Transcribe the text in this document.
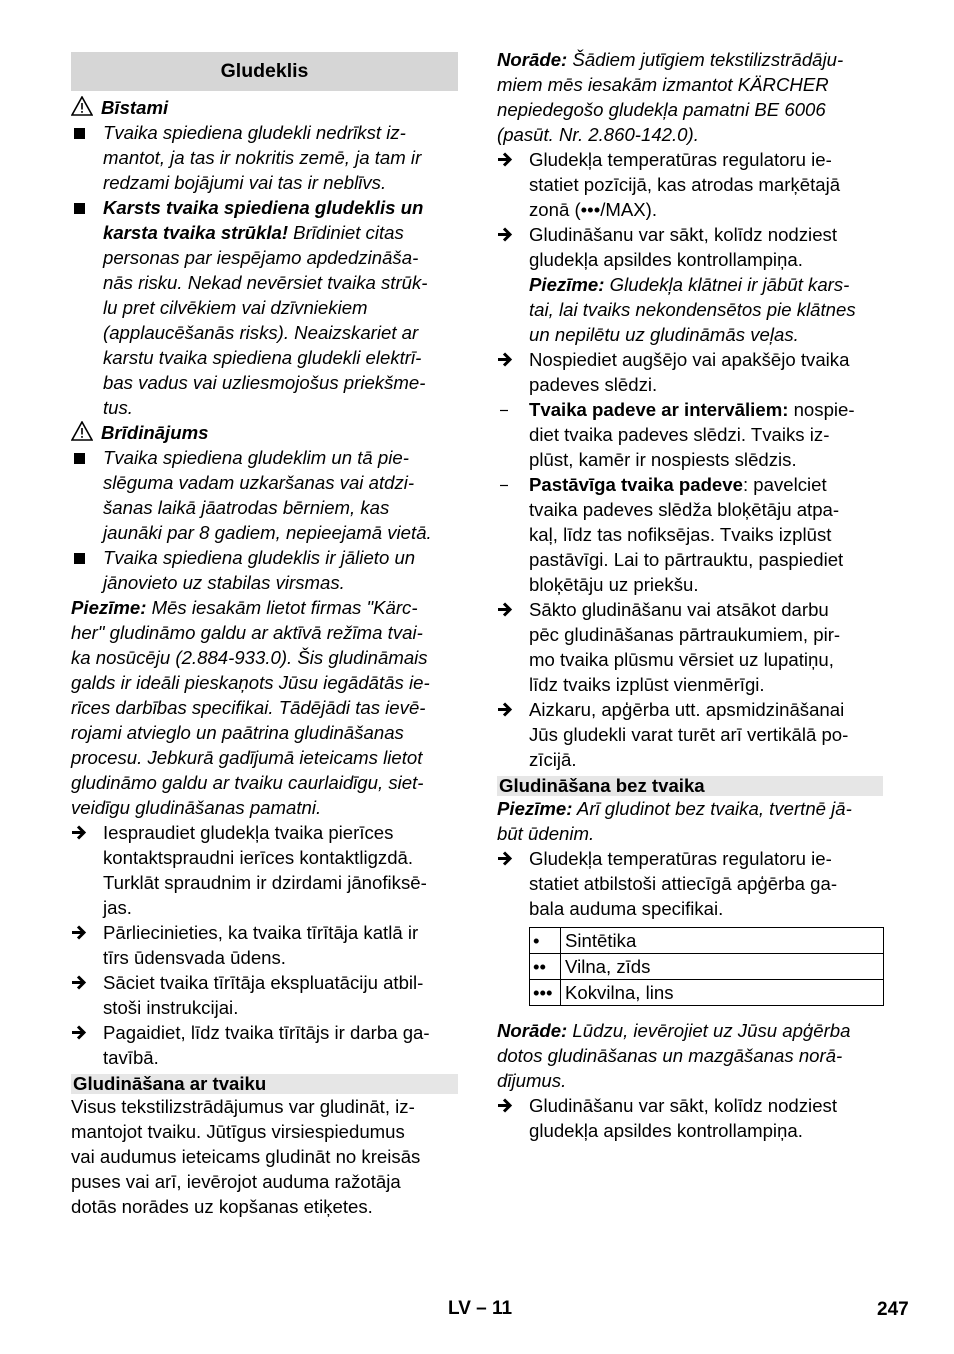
Gludeklis
Bīstami
Tvaika spiediena gludekli nedrīkst iz-
mantot, ja tas ir nokritis zemē, ja tam ir
redzami bojājumi vai tas ir neblīvs.
Karsts tvaika spiediena gludeklis un
karsta tvaika strūkla! Brīdiniet citas
personas par iespējamo apdedzināša-
nās risku. Nekad nevērsiet tvaika strūk-
lu pret cilvēkiem vai dzīvniekiem
(applaucēšanās risks). Neaizskariet ar
karstu tvaika spiediena gludekli elektrī-
bas vadus vai uzliesmojošus priekšme-
tus.
Brīdinājums
Tvaika spiediena gludeklim un tā pie-
slēguma vadam uzkaršanas vai atdzi-
šanas laikā jāatrodas bērniem, kas
jaunāki par 8 gadiem, nepieejamā vietā.
Tvaika spiediena gludeklis ir jālieto un
jānovieto uz stabilas virsmas.
Piezīme: Mēs iesakām lietot firmas "Kärc-
her" gludināmo galdu ar aktīvā režīma tvai-
ka nosūcēju (2.884-933.0). Šis gludināmais
galds ir ideāli pieskaņots Jūsu iegādātās ie-
rīces darbības specifikai. Tādējādi tas ievē-
rojami atvieglo un paātrina gludināšanas
procesu. Jebkurā gadījumā ieteicams lietot
gludināmo galdu ar tvaiku caurlaidīgu, siet-
veidīgu gludināšanas pamatni.
Iespraudiet gludekļa tvaika pierīces
kontaktspraudni ierīces kontaktligzdā.
Turklāt spraudnim ir dzirdami jānofiksē-
jas.
Pārliecinieties, ka tvaika tīrītāja katlā ir
tīrs ūdensvada ūdens.
Sāciet tvaika tīrītāja ekspluatāciju atbil-
stoši instrukcijai.
Pagaidiet, līdz tvaika tīrītājs ir darba ga-
tavībā.
Gludināšana ar tvaiku
Visus tekstilizstrādājumus var gludināt, iz-
mantojot tvaiku. Jūtīgus virsiespiedumus
vai audumus ieteicams gludināt no kreisās
puses vai arī, ievērojot auduma ražotāja
dotās norādes uz kopšanas etiķetes.
Norāde: Šādiem jutīgiem tekstilizstrādāju-
miem mēs iesakām izmantot KÄRCHER
nepiedegošo gludekļa pamatni BE 6006
(pasūt. Nr. 2.860-142.0).
Gludekļa temperatūras regulatoru ie-
statiet pozīcijā, kas atrodas marķētajā
zonā (•••/MAX).
Gludināšanu var sākt, kolīdz nodziest
gludekļa apsildes kontrollampiņa.
Piezīme: Gludekļa klātnei ir jābūt kars-
tai, lai tvaiks nekondensētos pie klātnes
un nepilētu uz gludināmās veļas.
Nospiediet augšējo vai apakšējo tvaika
padeves slēdzi.
Tvaika padeve ar intervāliem: nospie-
diet tvaika padeves slēdzi. Tvaiks iz-
plūst, kamēr ir nospiests slēdzis.
Pastāvīga tvaika padeve: pavelciet
tvaika padeves slēdža bloķētāju atpa-
kaļ, līdz tas nofiksējas. Tvaiks izplūst
pastāvīgi. Lai to pārtrauktu, paspiediet
bloķētāju uz priekšu.
Sākto gludināšanu vai atsākot darbu
pēc gludināšanas pārtraukumiem, pir-
mo tvaika plūsmu vērsiet uz lupatiņu,
līdz tvaiks izplūst vienmērīgi.
Aizkaru, apģērba utt. apsmidzināšanai
Jūs gludekli varat turēt arī vertikālā po-
zīcijā.
Gludināšana bez tvaika
Piezīme: Arī gludinot bez tvaika, tvertnē jā-
būt ūdenim.
Gludekļa temperatūras regulatoru ie-
statiet atbilstoši attiecīgā apģērba ga-
bala auduma specifikai.
•	Sintētika
••	Vilna, zīds
•••	Kokvilna, lins
Norāde: Lūdzu, ievērojiet uz Jūsu apģērba
dotos gludināšanas un mazgāšanas norā-
dījumus.
Gludināšanu var sākt, kolīdz nodziest
gludekļa apsildes kontrollampiņa.
LV – 11	247
